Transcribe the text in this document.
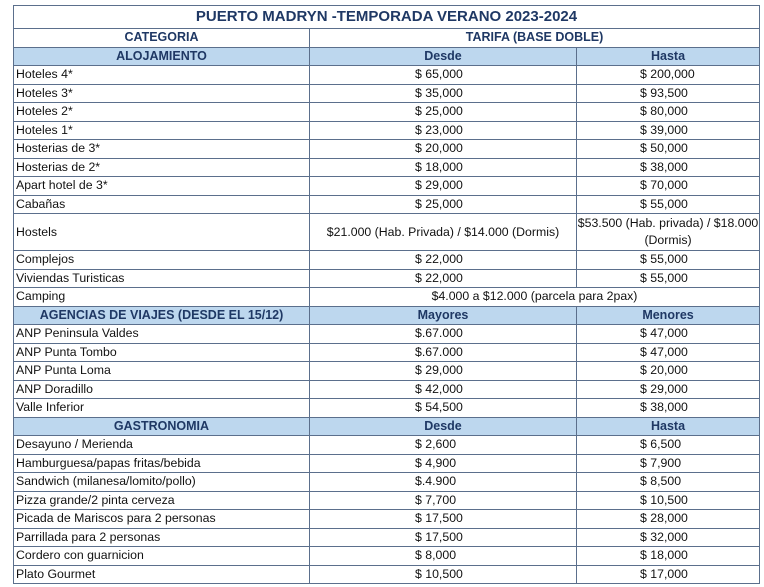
PUERTO MADRYN -TEMPORADA VERANO 2023-2024		
CATEGORIA	TARIFA (BASE DOBLE)	
ALOJAMIENTO	Desde	Hasta
Hoteles 4*	$ 65,000	$ 200,000
Hoteles 3*	$ 35,000	$ 93,500
Hoteles 2*	$ 25,000	$ 80,000
Hoteles 1*	$ 23,000	$ 39,000
Hosterias de 3*	$ 20,000	$ 50,000
Hosterias de 2*	$ 18,000	$ 38,000
Apart hotel de 3*	$ 29,000	$ 70,000
Cabañas	$ 25,000	$ 55,000
Hostels	$21.000 (Hab. Privada) / $14.000 (Dormis)	$53.500 (Hab. privada) / $18.000 (Dormis)
Complejos	$ 22,000	$ 55,000
Viviendas Turisticas	$ 22,000	$ 55,000
Camping	$4.000 a $12.000 (parcela para 2pax)	
AGENCIAS DE VIAJES (DESDE EL 15/12)	Mayores	Menores
ANP Peninsula Valdes	$.67.000	$ 47,000
ANP Punta Tombo	$.67.000	$ 47,000
ANP Punta Loma	$ 29,000	$ 20,000
ANP Doradillo	$ 42,000	$ 29,000
Valle Inferior	$ 54,500	$ 38,000
GASTRONOMIA	Desde	Hasta
Desayuno / Merienda	$ 2,600	$ 6,500
Hamburguesa/papas fritas/bebida	$ 4,900	$ 7,900
Sandwich (milanesa/lomito/pollo)	$.4.900	$ 8,500
Pizza grande/2 pinta cerveza	$ 7,700	$ 10,500
Picada de Mariscos para 2 personas	$ 17,500	$ 28,000
Parrillada para 2 personas	$ 17,500	$ 32,000
Cordero con guarnicion	$ 8,000	$ 18,000
Plato Gourmet	$ 10,500	$ 17,000
